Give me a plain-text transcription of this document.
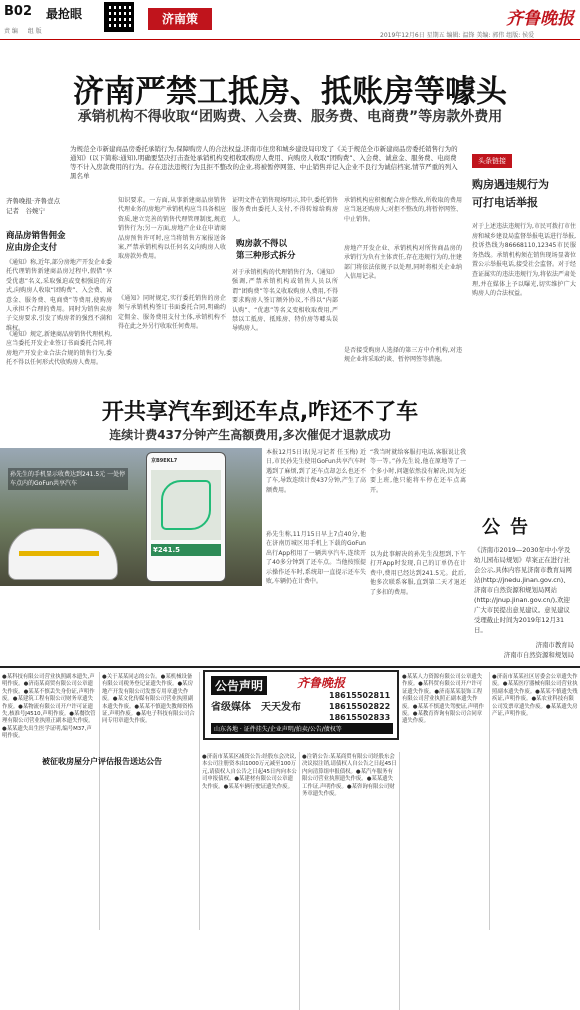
B02 最抢眼	济南策
责 编 　 组 版
2019年12月6日 星期五 编辑: 温锋 美编: 郭伟 组版: 侯爱
齐鲁晚报
济南严禁工抵房、抵账房等噱头
承销机构不得收取“团购费、入会费、服务费、电商费”等房款外费用
为规范全市新建商品房委托承销行为,保障购房人的合法权益,济南市住房和城乡建设局印发了《关于规范全市新建商品房委托销售行为的通知》(以下简称:通知),明确要坚决打击查处承销机构变相收取购房人费用、向购房人收取“团购费”、入会费、诚意金、服务费、电商费等不计入房款费用的行为。存在违法违规行为且拒不整改的企业,将被暂停网签、中止销售并记入企业不良行为诚信档案,情节严重的列入黑名单
齐鲁晚报·齐鲁壹点
记者　谷婉宁
商品房销售佣金
应由房企支付
《通知》称,近年,部分房地产开发企业委托代理销售新建商品房过程中,假借“享受优惠”名义,采取强迫或变相强迫的方式,向购房人收取“团购费”、入会费、诚意金、服务费、电商费”等费用,使购房人承担不合理的费用。同时为销售卖房子交房要求,引发了购房者的强烈不满和维权。
《通知》规定,新建商品房销售代理机构,应当委托开发企业签订书面委托合同,将房地产开发企业合法合规的销售行为,委托不得以任何形式代收购房人费用。
知识要求。一方面,从事新建商品房销售代理业务的房地产承销机构应当具备相应资质,建立完善的销售代理管理制度,规范销售行为;另一方面,房地产企业在申请商品房预售许可时,应当将销售方案报送备案,严禁承销机构以任何名义向购房人收取房款外费用。
《通知》同时规定,实行委托销售的房企须与承销机构签订书面委托合同,明确约定佣金、服务费用支付主体,承销机构不得在此之外另行收取任何费用。
证明文件在销售现场明示,其中,委托销售服务费由委托人支付,不得转嫁给购房人。
购房款不得以
第三种形式拆分
对于承销机构的代理销售行为,《通知》强调,严禁承销机构或销售人员以所谓“团购费”等名义收取购房人费用,不得要求购房人签订额外协议,不得以“内部认购”、“优惠”等名义变相收取费用,严禁以工抵房、抵账房、特价房等噱头误导购房人。
承销机构应积极配合房企整改,所收取的费用应当退还购房人;对拒不整改的,将暂停网签、中止销售。
房地产开发企业、承销机构对所售商品房的承销行为负有主体责任,存在违规行为的,住建部门将依法依规予以处理,同时将相关企业纳入信用记录。
是否接受购房人选择的第三方中介机构,对违规企业将采取约谈、暂停网签等措施。
头条链接
购房遇违规行为
可打电话举报
对于上述违法违规行为,市民可拨打市住房和城乡建设局监督举报电话进行举报,投诉热线为86668110,12345市民服务热线。承销机构须在销售现场显著位置公示举报电话,接受社会监督。对于经查证属实的违法违规行为,将依法严肃处理,并在媒体上予以曝光,切实维护广大购房人的合法权益。
开共享汽车到还车点,咋还不了车
连续计费437分钟产生高额费用,多次催促才退款成功
孙先生的手机显示收费达到241.5元 一处停车点内的GoFun共享汽车
京B9EKL7
¥241.5
本报12月5日讯(见习记者 任玉梅) 近日,市民孙先生使用GoFun共享汽车时遇到了麻烦,到了还车点却怎么也还不了车,导致连续计费437分钟,产生了高额费用。
孙先生称,11月15日早上7点40分,他在济南历城区用手机上下载的GoFun出行App租用了一辆共享汽车,连续开了40多分钟到了还车点。当他按照提示操作还车时,系统却一直提示还车失败,车辆仍在计费中。
“我当时就给客服打电话,客服说让我等一等。”孙先生说,他在原地等了一个多小时,问题依然没有解决,因为还要上班,他只能将车停在还车点离开。
以为此事解决的孙先生没想到,下午打开App时发现,自己的订单仍在计费中,费用已经达到241.5元。此后,他多次联系客服,直到第二天才退还了多扣的费用。
公告
《济南市2019—2030年中小学及幼儿园布局规划》草案正在进行社会公示,具体内容见济南市教育局网站(http://jnedu.jinan.gov.cn)、济南市自然资源和规划局网站(http://jnup.jinan.gov.cn/),欢迎广大市民提出意见建议。意见建议受理截止时间为2019年12月31日。
济南市教育局
济南市自然资源和规划局
●某科技有限公司营业执照副本遗失,声明作废。●济南某商贸有限公司公章遗失作废。●某某不慎丢失身份证,声明作废。●某建筑工程有限公司财务章遗失作废。●某物流有限公司开户许可证遗失,核准号J4510,声明作废。●某餐饮管理有限公司营业执照正副本遗失作废。●某某遗失出生医学证明,编号M37,声明作废。
●关于某某同志的公告。●某机械设备有限公司税务登记证遗失作废。●某房地产开发有限公司发票专用章遗失作废。●某文化传媒有限公司营业执照副本遗失作废。●某某不慎遗失教师资格证,声明作废。●某电子科技有限公司合同专用章遗失作废。
●济南市某某区减资公告:经股东会决议,本公司注册资本由1000万元减至100万元,请债权人自公告之日起45日内向本公司申报债权。●某建材有限公司公章遗失作废。●某某车辆行驶证遗失作废。
●注销公告:某某商贸有限公司经股东会决议拟注销,请债权人自公告之日起45日内向清算组申报债权。●某汽车服务有限公司营业执照遗失作废。●某某遗失工作证,声明作废。●某咨询有限公司财务章遗失作废。
●某某人力资源有限公司公章遗失作废。●某科贸有限公司开户许可证遗失作废。●济南某某装饰工程有限公司营业执照正副本遗失作废。●某某不慎遗失驾驶证,声明作废。●某教育咨询有限公司合同章遗失作废。
●济南市某某社区居委会公章遗失作废。●某某医疗器械有限公司营业执照副本遗失作废。●某某不慎遗失残疾证,声明作废。●某农业科技有限公司发票章遗失作废。●某某遗失房产证,声明作废。
公告声明	齐鲁晚报
省级媒体　天天发布
18615502811
18615502822
18615502833
山东各地 · 证件挂失/企业声明/拍卖/公告/债权等
被征收房屋分户评估报告送达公告
